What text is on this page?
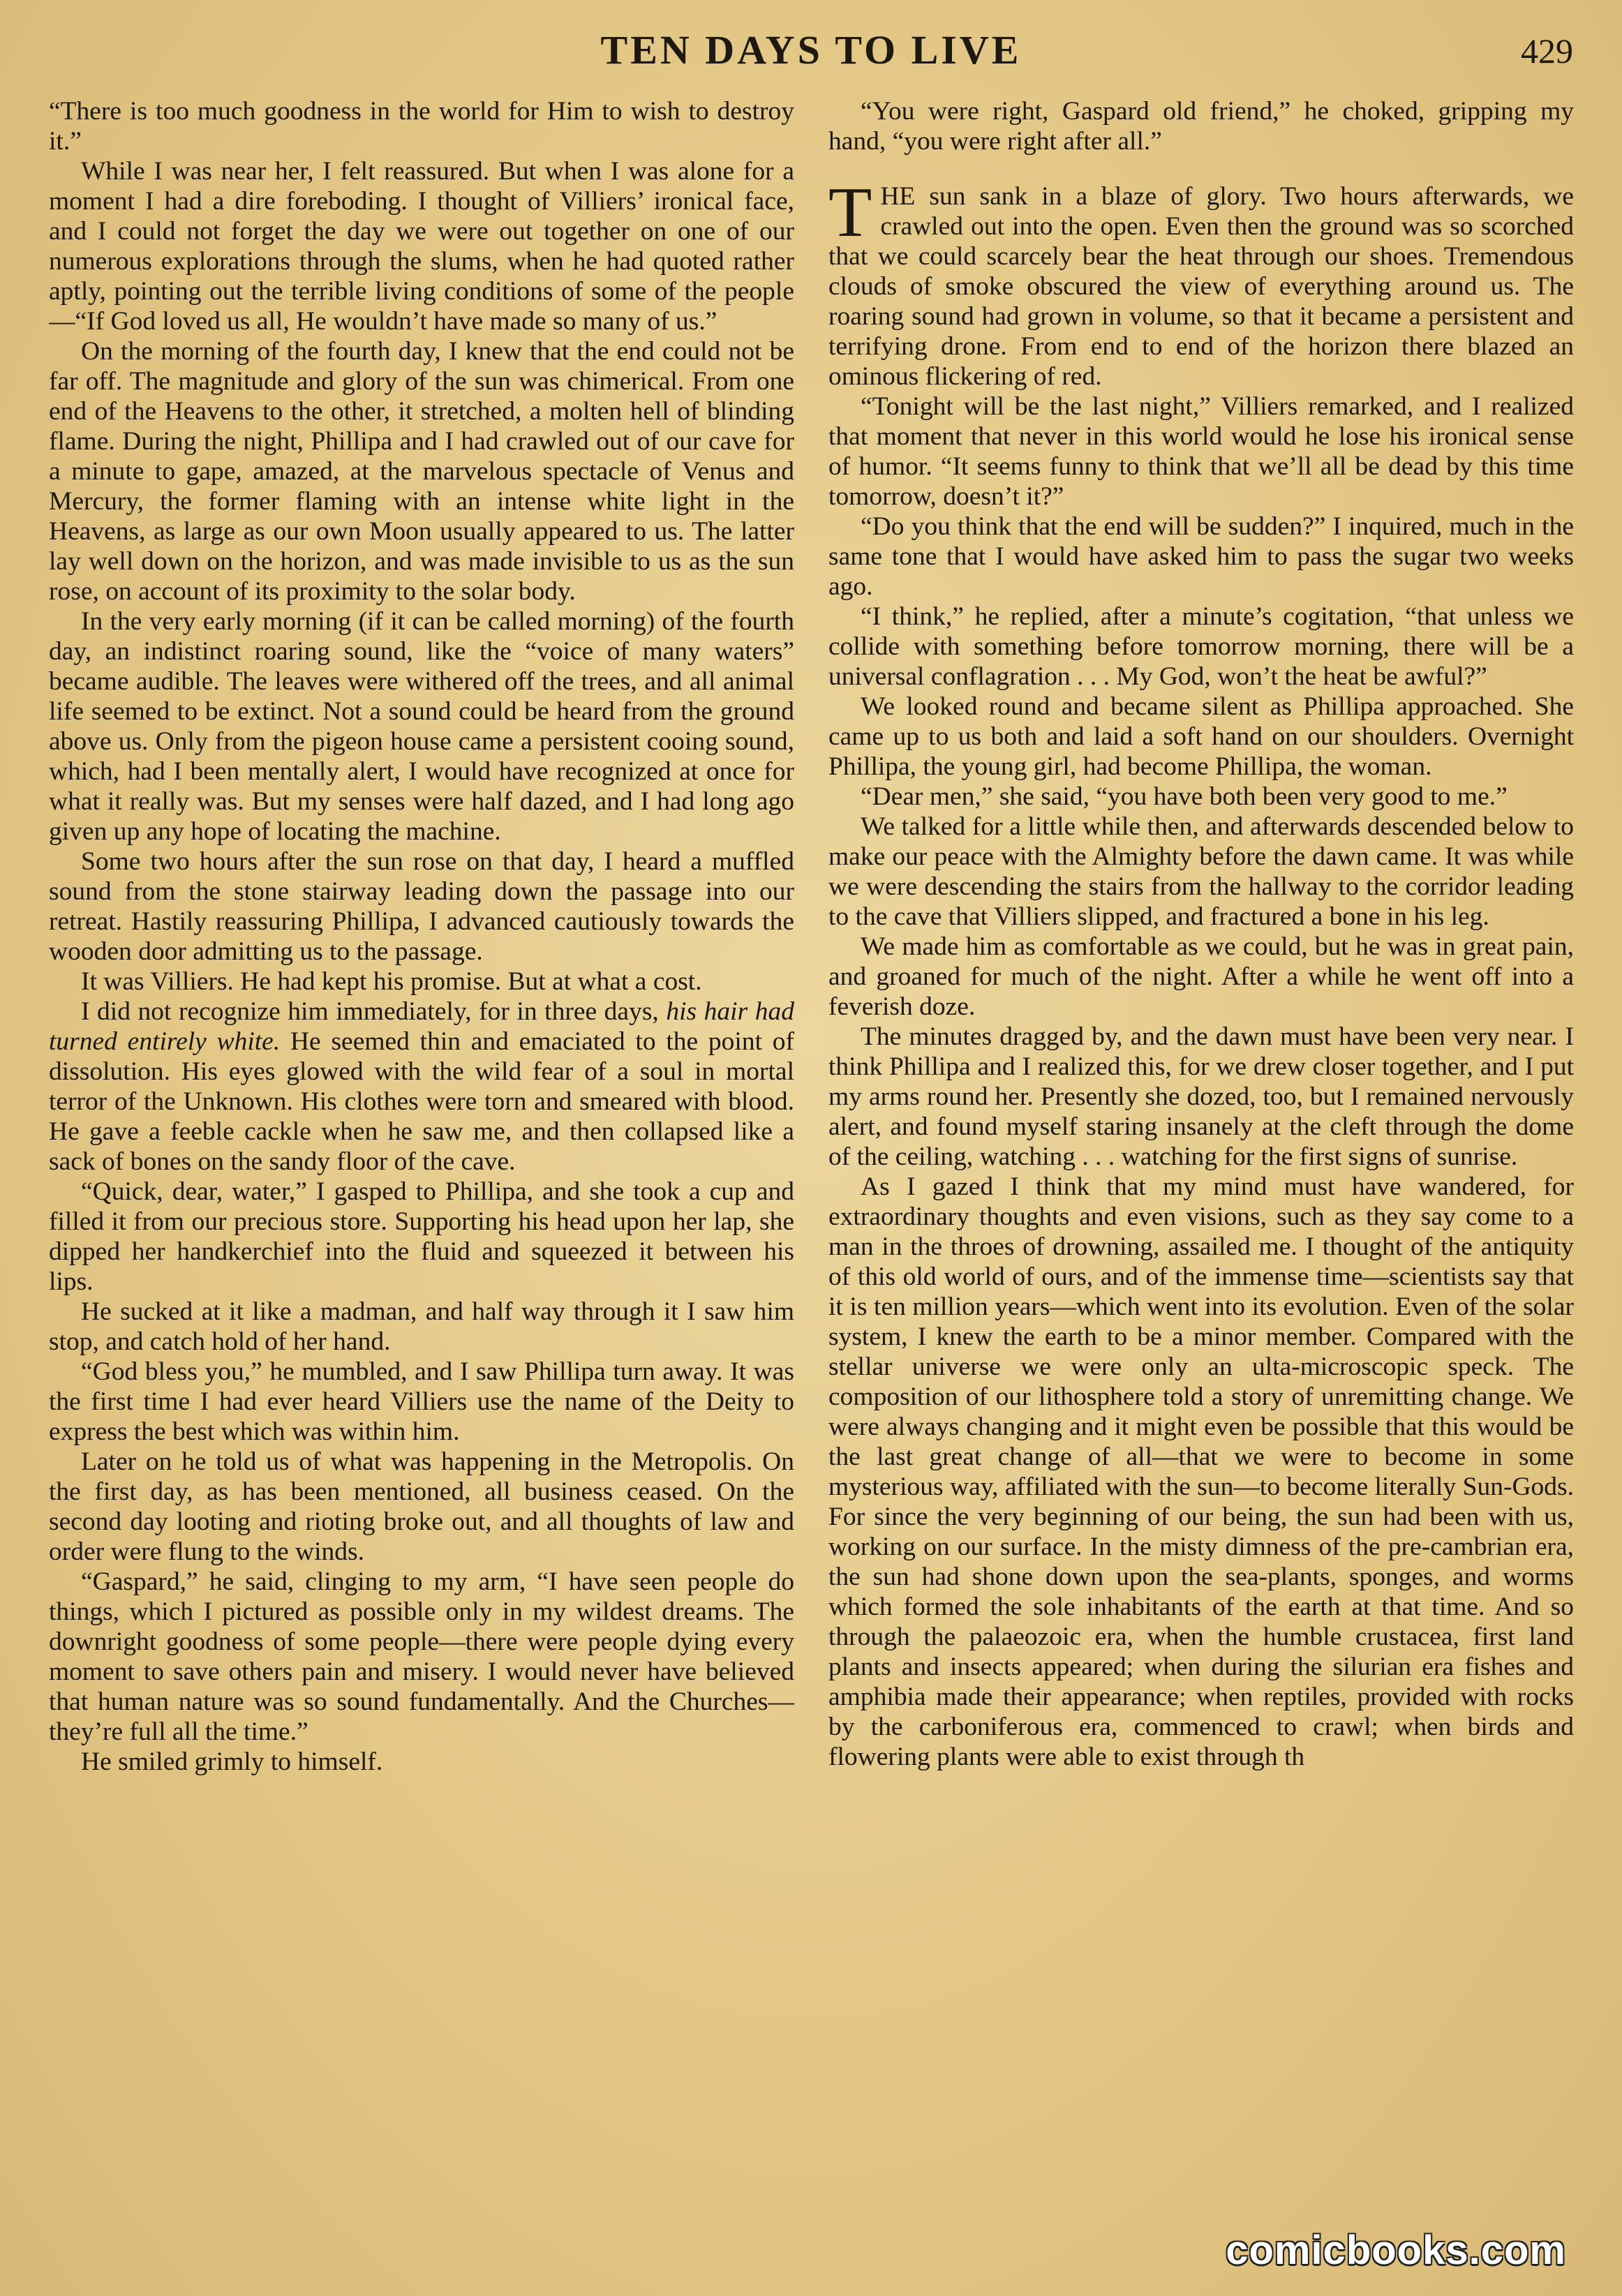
TEN DAYS TO LIVE	429

“There is too much goodness in the world for Him to wish to destroy it.”

While I was near her, I felt reassured. But when I was alone for a moment I had a dire foreboding. I thought of Villiers’ ironical face, and I could not forget the day we were out together on one of our numerous explorations through the slums, when he had quoted rather aptly, pointing out the terrible living conditions of some of the people—“If God loved us all, He wouldn’t have made so many of us.”

On the morning of the fourth day, I knew that the end could not be far off. The magnitude and glory of the sun was chimerical. From one end of the Heavens to the other, it stretched, a molten hell of blinding flame. During the night, Phillipa and I had crawled out of our cave for a minute to gape, amazed, at the marvelous spectacle of Venus and Mercury, the former flaming with an intense white light in the Heavens, as large as our own Moon usually appeared to us. The latter lay well down on the horizon, and was made invisible to us as the sun rose, on account of its proximity to the solar body.

In the very early morning (if it can be called morning) of the fourth day, an indistinct roaring sound, like the “voice of many waters” became audible. The leaves were withered off the trees, and all animal life seemed to be extinct. Not a sound could be heard from the ground above us. Only from the pigeon house came a persistent cooing sound, which, had I been mentally alert, I would have recognized at once for what it really was. But my senses were half dazed, and I had long ago given up any hope of locating the machine.

Some two hours after the sun rose on that day, I heard a muffled sound from the stone stairway leading down the passage into our retreat. Hastily reassuring Phillipa, I advanced cautiously towards the wooden door admitting us to the passage.

It was Villiers. He had kept his promise. But at what a cost.

I did not recognize him immediately, for in three days, his hair had turned entirely white. He seemed thin and emaciated to the point of dissolution. His eyes glowed with the wild fear of a soul in mortal terror of the Unknown. His clothes were torn and smeared with blood. He gave a feeble cackle when he saw me, and then collapsed like a sack of bones on the sandy floor of the cave.

“Quick, dear, water,” I gasped to Phillipa, and she took a cup and filled it from our precious store. Supporting his head upon her lap, she dipped her handkerchief into the fluid and squeezed it between his lips.

He sucked at it like a madman, and half way through it I saw him stop, and catch hold of her hand.

“God bless you,” he mumbled, and I saw Phillipa turn away. It was the first time I had ever heard Villiers use the name of the Deity to express the best which was within him.

Later on he told us of what was happening in the Metropolis. On the first day, as has been mentioned, all business ceased. On the second day looting and rioting broke out, and all thoughts of law and order were flung to the winds.

“Gaspard,” he said, clinging to my arm, “I have seen people do things, which I pictured as possible only in my wildest dreams. The downright goodness of some people—there were people dying every moment to save others pain and misery. I would never have believed that human nature was so sound fundamentally. And the Churches—they’re full all the time.”

He smiled grimly to himself.

“You were right, Gaspard old friend,” he choked, gripping my hand, “you were right after all.”

THE sun sank in a blaze of glory. Two hours afterwards, we crawled out into the open. Even then the ground was so scorched that we could scarcely bear the heat through our shoes. Tremendous clouds of smoke obscured the view of everything around us. The roaring sound had grown in volume, so that it became a persistent and terrifying drone. From end to end of the horizon there blazed an ominous flickering of red.

“Tonight will be the last night,” Villiers remarked, and I realized that moment that never in this world would he lose his ironical sense of humor. “It seems funny to think that we’ll all be dead by this time tomorrow, doesn’t it?”

“Do you think that the end will be sudden?” I inquired, much in the same tone that I would have asked him to pass the sugar two weeks ago.

“I think,” he replied, after a minute’s cogitation, “that unless we collide with something before tomorrow morning, there will be a universal conflagration . . . My God, won’t the heat be awful?”

We looked round and became silent as Phillipa approached. She came up to us both and laid a soft hand on our shoulders. Overnight Phillipa, the young girl, had become Phillipa, the woman.

“Dear men,” she said, “you have both been very good to me.”

We talked for a little while then, and afterwards descended below to make our peace with the Almighty before the dawn came. It was while we were descending the stairs from the hallway to the corridor leading to the cave that Villiers slipped, and fractured a bone in his leg.

We made him as comfortable as we could, but he was in great pain, and groaned for much of the night. After a while he went off into a feverish doze.

The minutes dragged by, and the dawn must have been very near. I think Phillipa and I realized this, for we drew closer together, and I put my arms round her. Presently she dozed, too, but I remained nervously alert, and found myself staring insanely at the cleft through the dome of the ceiling, watching . . . watching for the first signs of sunrise.

As I gazed I think that my mind must have wandered, for extraordinary thoughts and even visions, such as they say come to a man in the throes of drowning, assailed me. I thought of the antiquity of this old world of ours, and of the immense time—scientists say that it is ten million years—which went into its evolution. Even of the solar system, I knew the earth to be a minor member. Compared with the stellar universe we were only an ulta-microscopic speck. The composition of our lithosphere told a story of unremitting change. We were always changing and it might even be possible that this would be the last great change of all—that we were to become in some mysterious way, affiliated with the sun—to become literally Sun-Gods. For since the very beginning of our being, the sun had been with us, working on our surface. In the misty dimness of the pre-cambrian era, the sun had shone down upon the sea-plants, sponges, and worms which formed the sole inhabitants of the earth at that time. And so through the palaeozoic era, when the humble crustacea, first land plants and insects appeared; when during the silurian era fishes and amphibia made their appearance; when reptiles, provided with rocks by the carboniferous era, commenced to crawl; when birds and flowering plants were able to exist through th

comicbooks.com
